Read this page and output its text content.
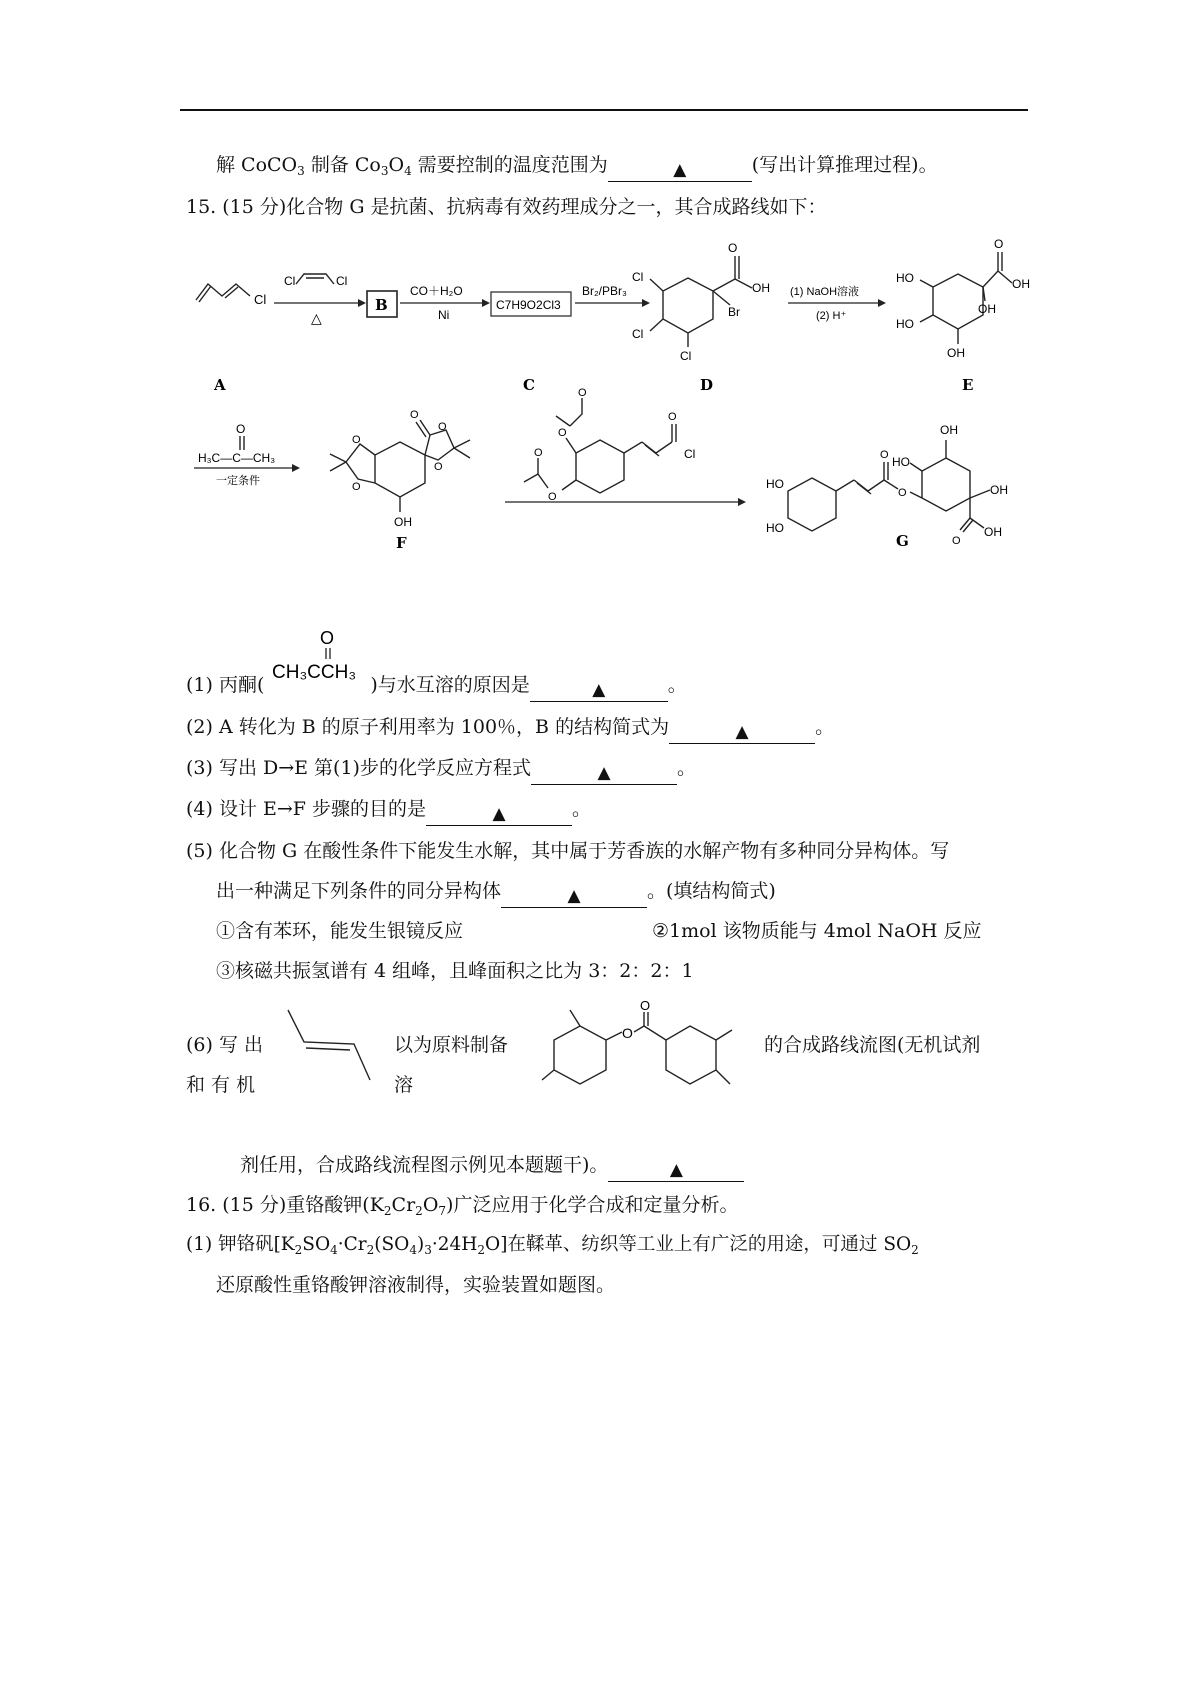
解 CoCO$_3$ 制备 $Co_3O_4$ 需要控制的温度范围为	▲	(写出计算推理过程)。
15. (15 分)化合物 G 是抗菌、抗病毒有效药理成分之一，其合成路线如下：
Cl
Cl	Cl
△
B
CO＋H₂O
Ni
C7H9O2Cl3
Br₂/PBr₃
O
OH
Br
Cl
Cl
Cl
(1) NaOH溶液
(2) H⁺
O
OH
OH
HO
HO
OH
A	C	D	E
H₃C—C—CH₃
O
一定条件
O
O
O
O
O
OH
F
O
Cl
O
O
O
O
HO
HO
O
O
HO
OH
OH
O
OH
G
O
CH₃CCH₃
(1) 丙酮(	)与水互溶的原因是	▲	。
(2) A 转化为 B 的原子利用率为 100％，B 的结构简式为	▲	。
(3) 写出 D→E 第(1)步的化学反应方程式	▲	。
(4) 设计 E→F 步骤的目的是	▲	。
(5) 化合物 G 在酸性条件下能发生水解，其中属于芳香族的水解产物有多种同分异构体。写
出一种满足下列条件的同分异构体	▲	。(填结构简式)
①含有苯环，能发生银镜反应	②1mol 该物质能与 4mol NaOH 反应
③核磁共振氢谱有 4 组峰，且峰面积之比为 3：2：2：1
(6) 写 出	以为原料制备
O
O
的合成路线流图(无机试剂
和 有 机	溶
剂任用，合成路线流程图示例见本题题干)。	▲
16. (15 分)重铬酸钾$(K_2Cr_2O_7)$广泛应用于化学合成和定量分析。
(1) 钾铬矾$[K_2SO_4\cdot Cr_2(SO_4)_3\cdot 24H_2O]$在鞣革、纺织等工业上有广泛的用途，可通过 $SO_2$
还原酸性重铬酸钾溶液制得，实验装置如题图。
